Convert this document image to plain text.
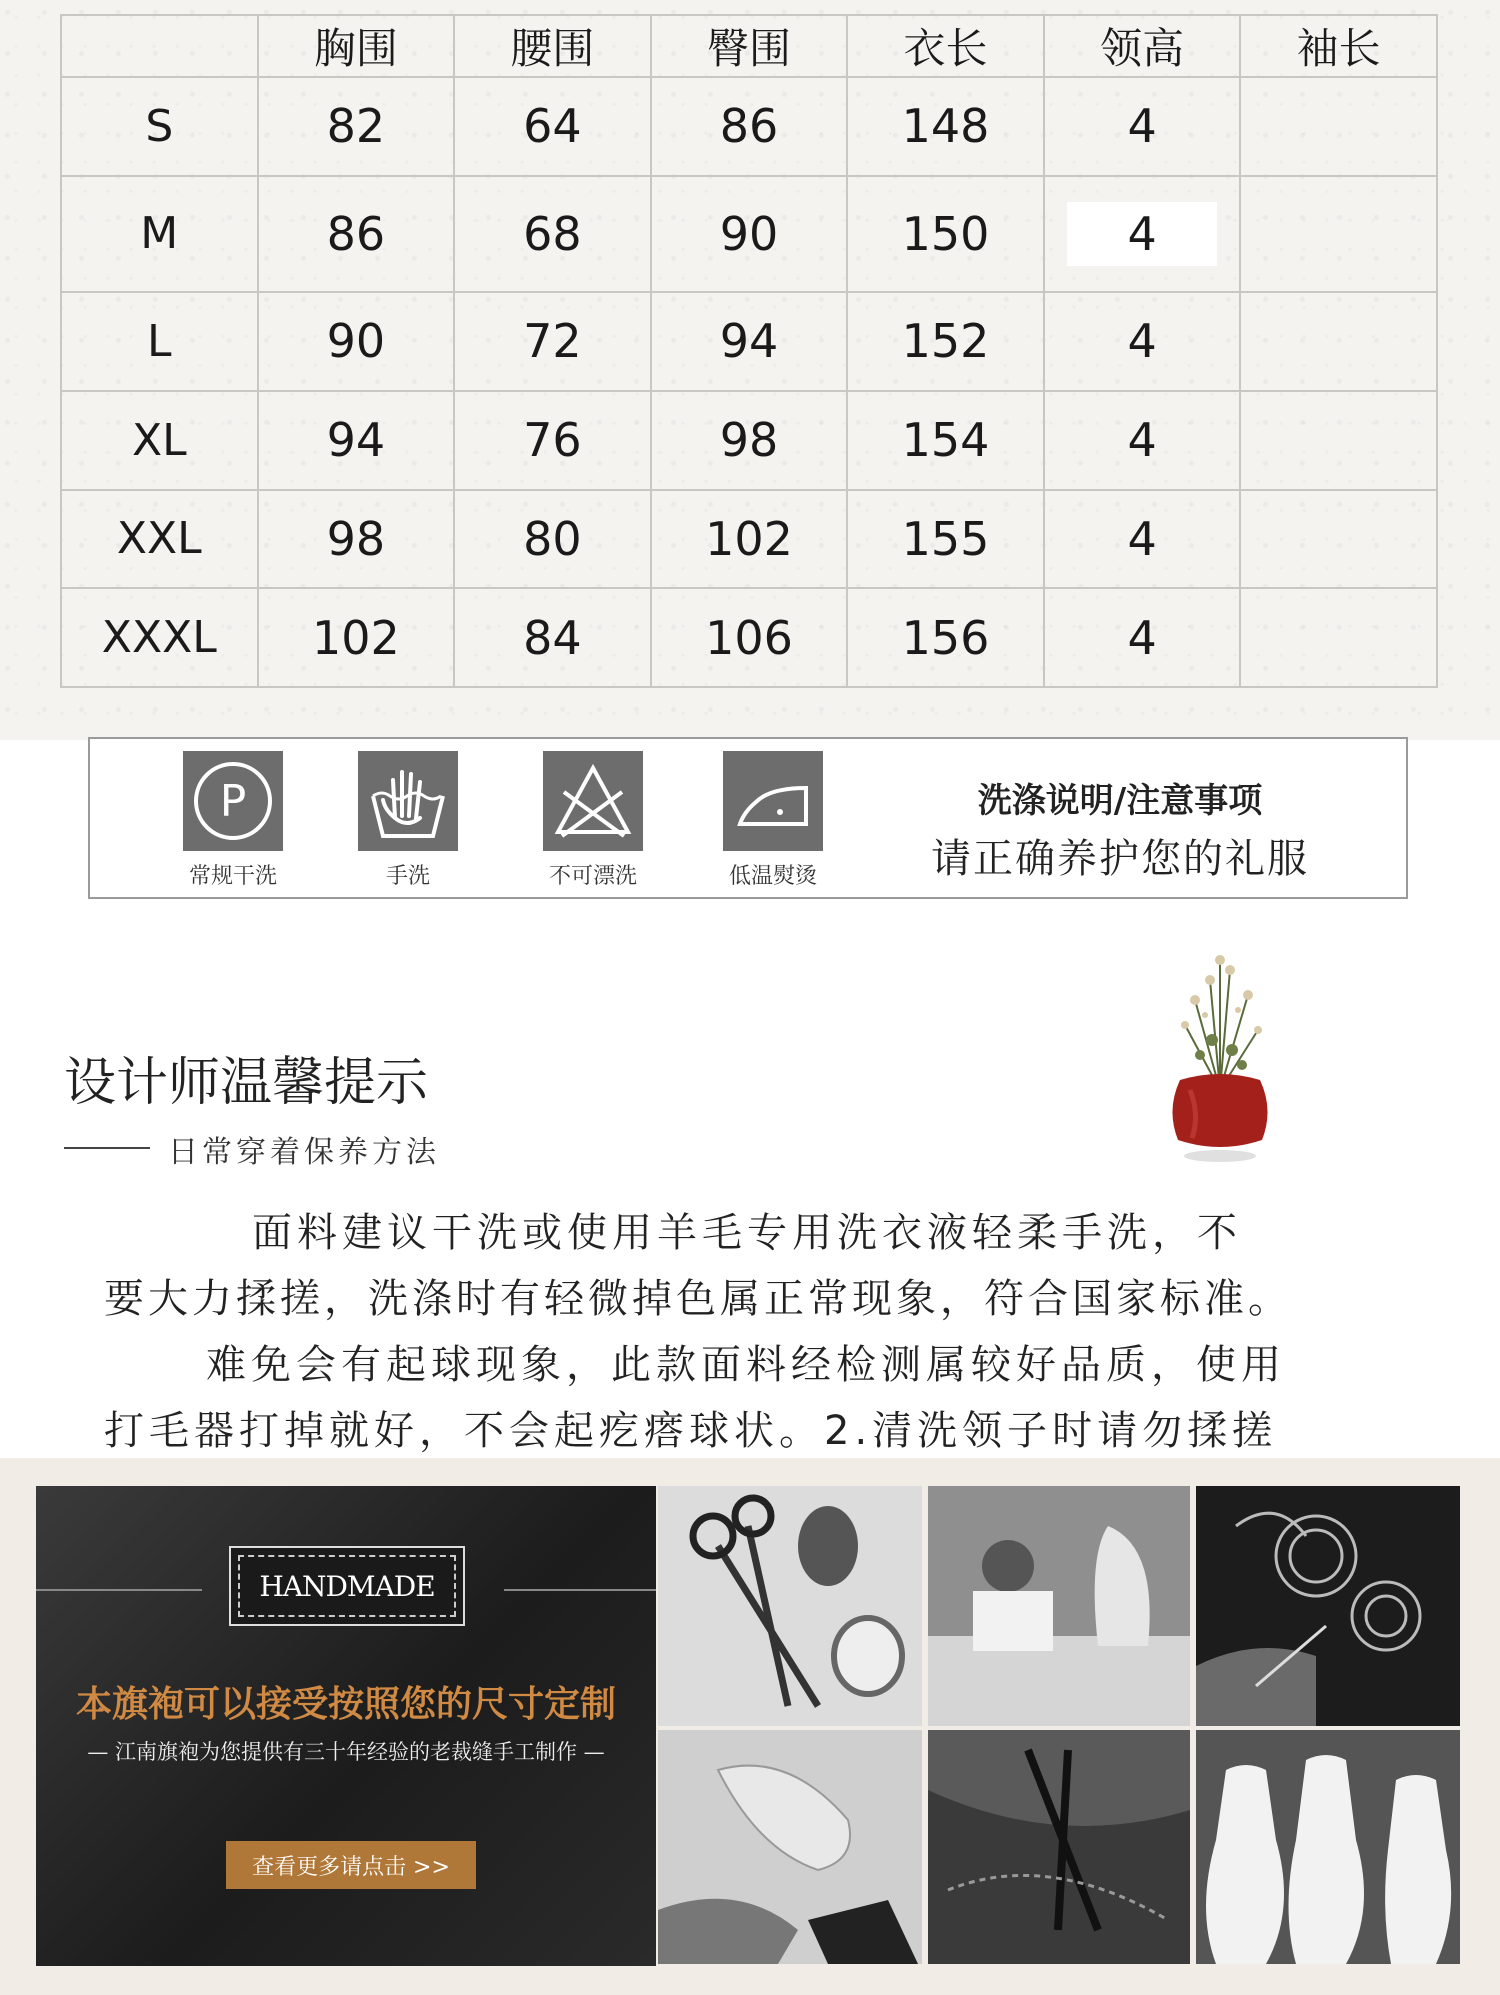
	胸围	腰围	臀围	衣长	领高	袖长
S	82	64	86	148	4	
M	86	68	90	150	4	
L	90	72	94	152	4	
XL	94	76	98	154	4	
XXL	98	80	102	155	4	
XXXL	102	84	106	156	4	
P
常规干洗	手洗	不可漂洗	低温熨烫
洗涤说明/注意事项
请正确养护您的礼服
设计师温馨提示
日常穿着保养方法
面料建议干洗或使用羊毛专用洗衣液轻柔手洗，不
要大力揉搓，洗涤时有轻微掉色属正常现象，符合国家标准。
难免会有起球现象，此款面料经检测属较好品质，使用
打毛器打掉就好，不会起疙瘩球状。2.清洗领子时请勿揉搓
HANDMADE
本旗袍可以接受按照您的尺寸定制
— 江南旗袍为您提供有三十年经验的老裁缝手工制作 —
查看更多请点击 >>
